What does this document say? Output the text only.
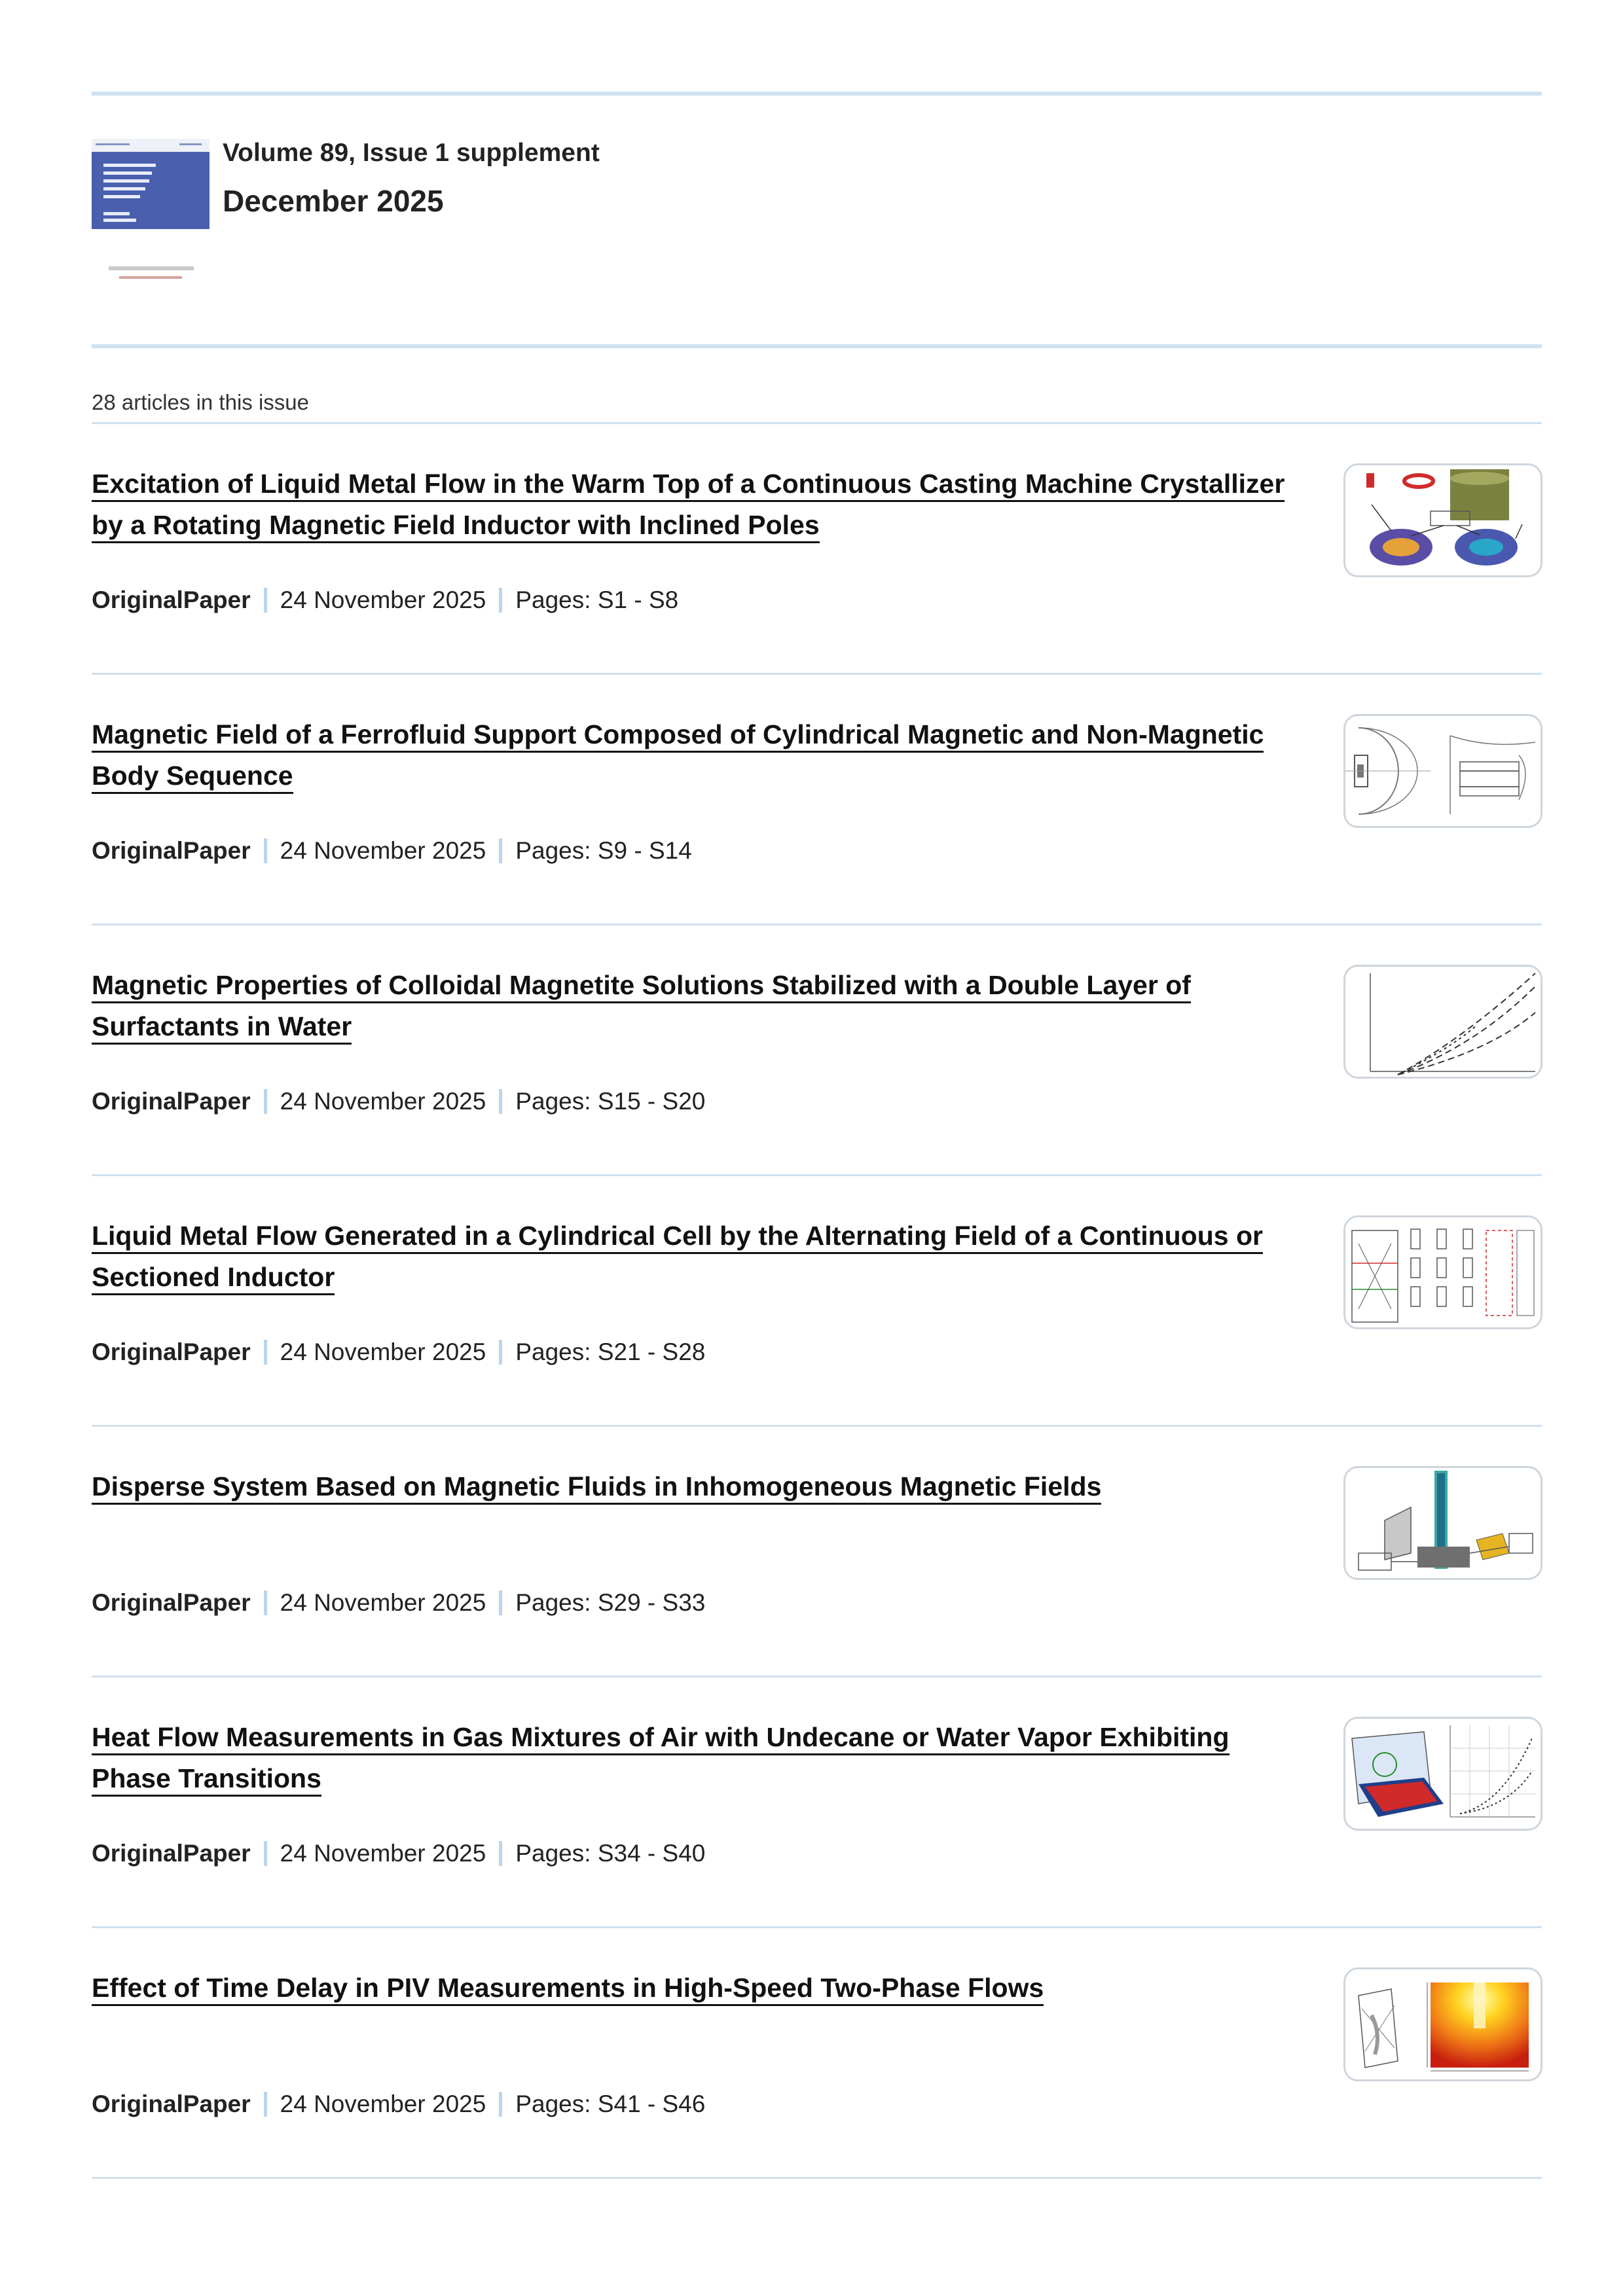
Volume 89, Issue 1 supplement
December 2025
28 articles in this issue
Excitation of Liquid Metal Flow in the Warm Top of a Continuous Casting Machine Crystallizer by a Rotating Magnetic Field Inductor with Inclined Poles
OriginalPaper 24 November 2025 Pages: S1 - S8
Magnetic Field of a Ferrofluid Support Composed of Cylindrical Magnetic and Non-Magnetic Body Sequence
OriginalPaper 24 November 2025 Pages: S9 - S14
Magnetic Properties of Colloidal Magnetite Solutions Stabilized with a Double Layer of Surfactants in Water
OriginalPaper 24 November 2025 Pages: S15 - S20
Liquid Metal Flow Generated in a Cylindrical Cell by the Alternating Field of a Continuous or Sectioned Inductor
OriginalPaper 24 November 2025 Pages: S21 - S28
Disperse System Based on Magnetic Fluids in Inhomogeneous Magnetic Fields
OriginalPaper 24 November 2025 Pages: S29 - S33
Heat Flow Measurements in Gas Mixtures of Air with Undecane or Water Vapor Exhibiting Phase Transitions
OriginalPaper 24 November 2025 Pages: S34 - S40
Effect of Time Delay in PIV Measurements in High-Speed Two-Phase Flows
OriginalPaper 24 November 2025 Pages: S41 - S46
